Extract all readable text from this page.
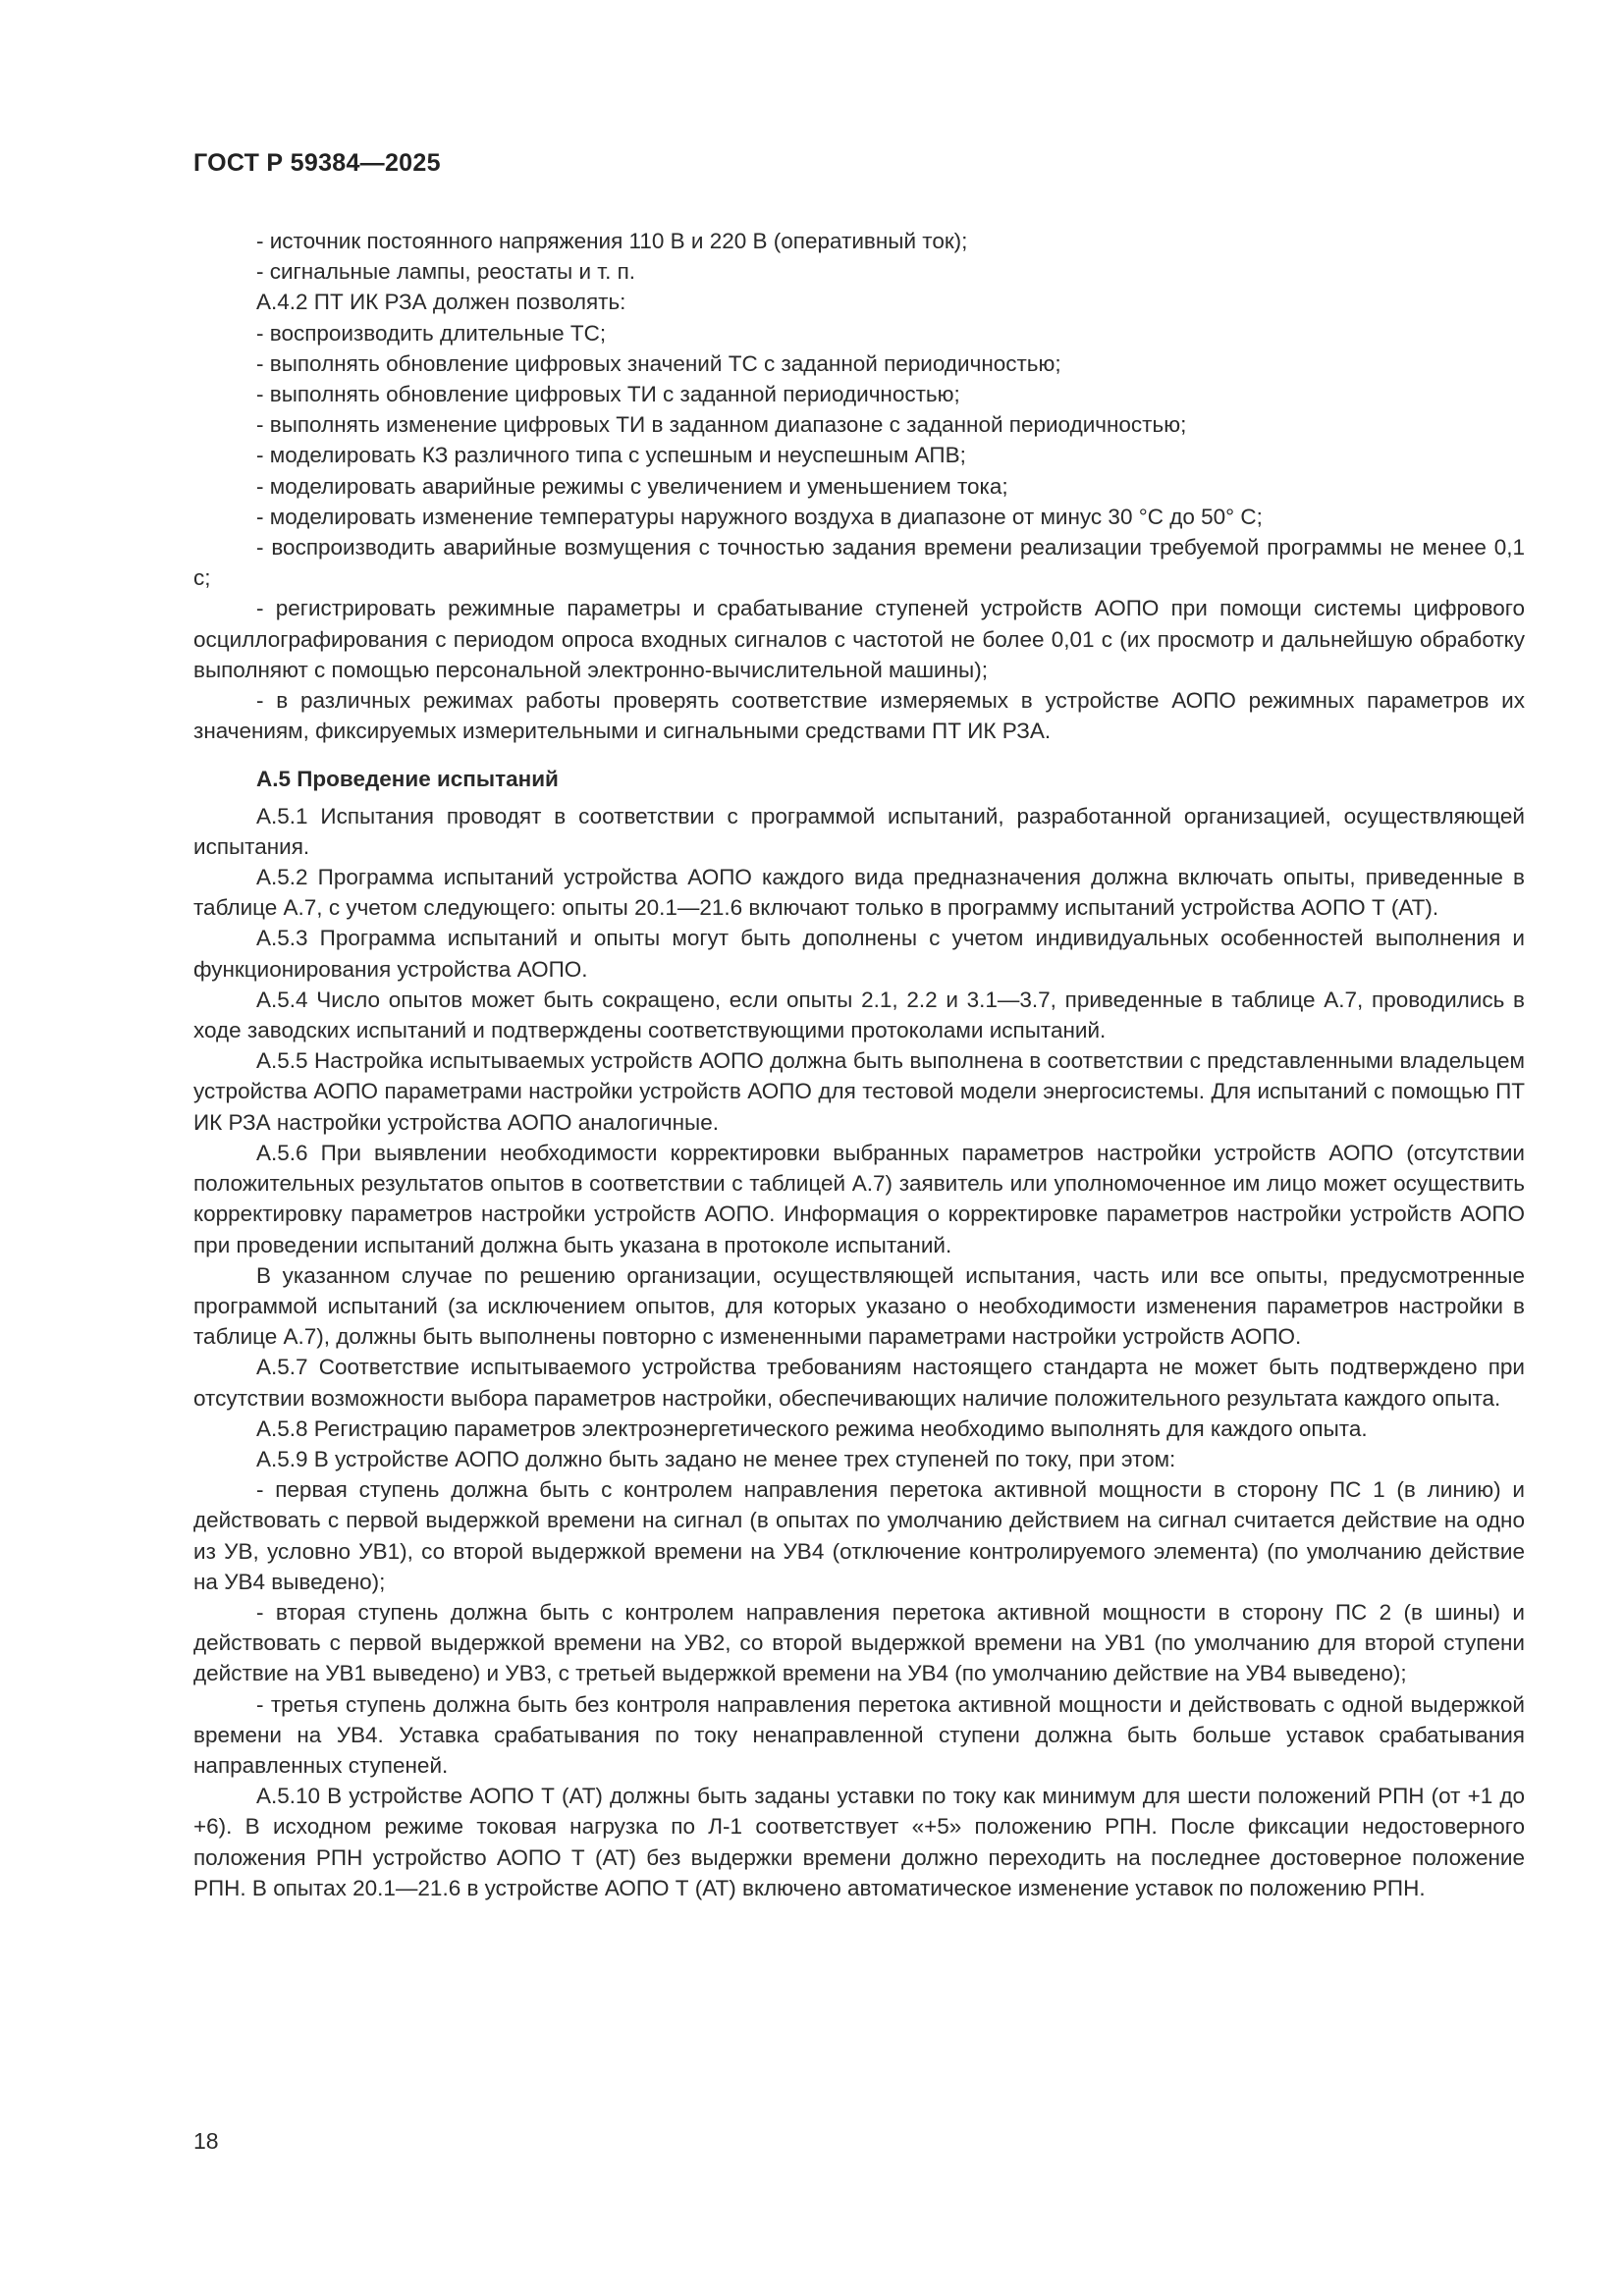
ГОСТ Р 59384—2025

- источник постоянного напряжения 110 В и 220 В (оперативный ток);

- сигнальные лампы, реостаты и т. п.

А.4.2 ПТ ИК РЗА должен позволять:

- воспроизводить длительные ТС;

- выполнять обновление цифровых значений ТС с заданной периодичностью;

- выполнять обновление цифровых ТИ с заданной периодичностью;

- выполнять изменение цифровых ТИ в заданном диапазоне с заданной периодичностью;

- моделировать КЗ различного типа с успешным и неуспешным АПВ;

- моделировать аварийные режимы с увеличением и уменьшением тока;

- моделировать изменение температуры наружного воздуха в диапазоне от минус 30 °С до 50° С;

- воспроизводить аварийные возмущения с точностью задания времени реализации требуемой программы не менее 0,1 с;

- регистрировать режимные параметры и срабатывание ступеней устройств АОПО при помощи системы цифрового осциллографирования с периодом опроса входных сигналов с частотой не более 0,01 с (их просмотр и дальнейшую обработку выполняют с помощью персональной электронно-вычислительной машины);

- в различных режимах работы проверять соответствие измеряемых в устройстве АОПО режимных параметров их значениям, фиксируемых измерительными и сигнальными средствами ПТ ИК РЗА.

А.5 Проведение испытаний

А.5.1 Испытания проводят в соответствии с программой испытаний, разработанной организацией, осуществляющей испытания.

А.5.2 Программа испытаний устройства АОПО каждого вида предназначения должна включать опыты, приведенные в таблице А.7, с учетом следующего: опыты 20.1—21.6 включают только в программу испытаний устройства АОПО Т (АТ).

А.5.3 Программа испытаний и опыты могут быть дополнены с учетом индивидуальных особенностей выполнения и функционирования устройства АОПО.

А.5.4 Число опытов может быть сокращено, если опыты 2.1, 2.2 и 3.1—3.7, приведенные в таблице А.7, проводились в ходе заводских испытаний и подтверждены соответствующими протоколами испытаний.

А.5.5 Настройка испытываемых устройств АОПО должна быть выполнена в соответствии с представленными владельцем устройства АОПО параметрами настройки устройств АОПО для тестовой модели энергосистемы. Для испытаний с помощью ПТ ИК РЗА настройки устройства АОПО аналогичные.

А.5.6 При выявлении необходимости корректировки выбранных параметров настройки устройств АОПО (отсутствии положительных результатов опытов в соответствии с таблицей А.7) заявитель или уполномоченное им лицо может осуществить корректировку параметров настройки устройств АОПО. Информация о корректировке параметров настройки устройств АОПО при проведении испытаний должна быть указана в протоколе испытаний.

В указанном случае по решению организации, осуществляющей испытания, часть или все опыты, предусмотренные программой испытаний (за исключением опытов, для которых указано о необходимости изменения параметров настройки в таблице А.7), должны быть выполнены повторно с измененными параметрами настройки устройств АОПО.

А.5.7 Соответствие испытываемого устройства требованиям настоящего стандарта не может быть подтверждено при отсутствии возможности выбора параметров настройки, обеспечивающих наличие положительного результата каждого опыта.

А.5.8 Регистрацию параметров электроэнергетического режима необходимо выполнять для каждого опыта.

А.5.9 В устройстве АОПО должно быть задано не менее трех ступеней по току, при этом:

- первая ступень должна быть с контролем направления перетока активной мощности в сторону ПС 1 (в линию) и действовать с первой выдержкой времени на сигнал (в опытах по умолчанию действием на сигнал считается действие на одно из УВ, условно УВ1), со второй выдержкой времени на УВ4 (отключение контролируемого элемента) (по умолчанию действие на УВ4 выведено);

- вторая ступень должна быть с контролем направления перетока активной мощности в сторону ПС 2 (в шины) и действовать с первой выдержкой времени на УВ2, со второй выдержкой времени на УВ1 (по умолчанию для второй ступени действие на УВ1 выведено) и УВ3, с третьей выдержкой времени на УВ4 (по умолчанию действие на УВ4 выведено);

- третья ступень должна быть без контроля направления перетока активной мощности и действовать с одной выдержкой времени на УВ4. Уставка срабатывания по току ненаправленной ступени должна быть больше уставок срабатывания направленных ступеней.

А.5.10 В устройстве АОПО Т (АТ) должны быть заданы уставки по току как минимум для шести положений РПН (от +1 до +6). В исходном режиме токовая нагрузка по Л-1 соответствует «+5» положению РПН. После фиксации недостоверного положения РПН устройство АОПО Т (АТ) без выдержки времени должно переходить на последнее достоверное положение РПН. В опытах 20.1—21.6 в устройстве АОПО Т (АТ) включено автоматическое изменение уставок по положению РПН.

18
